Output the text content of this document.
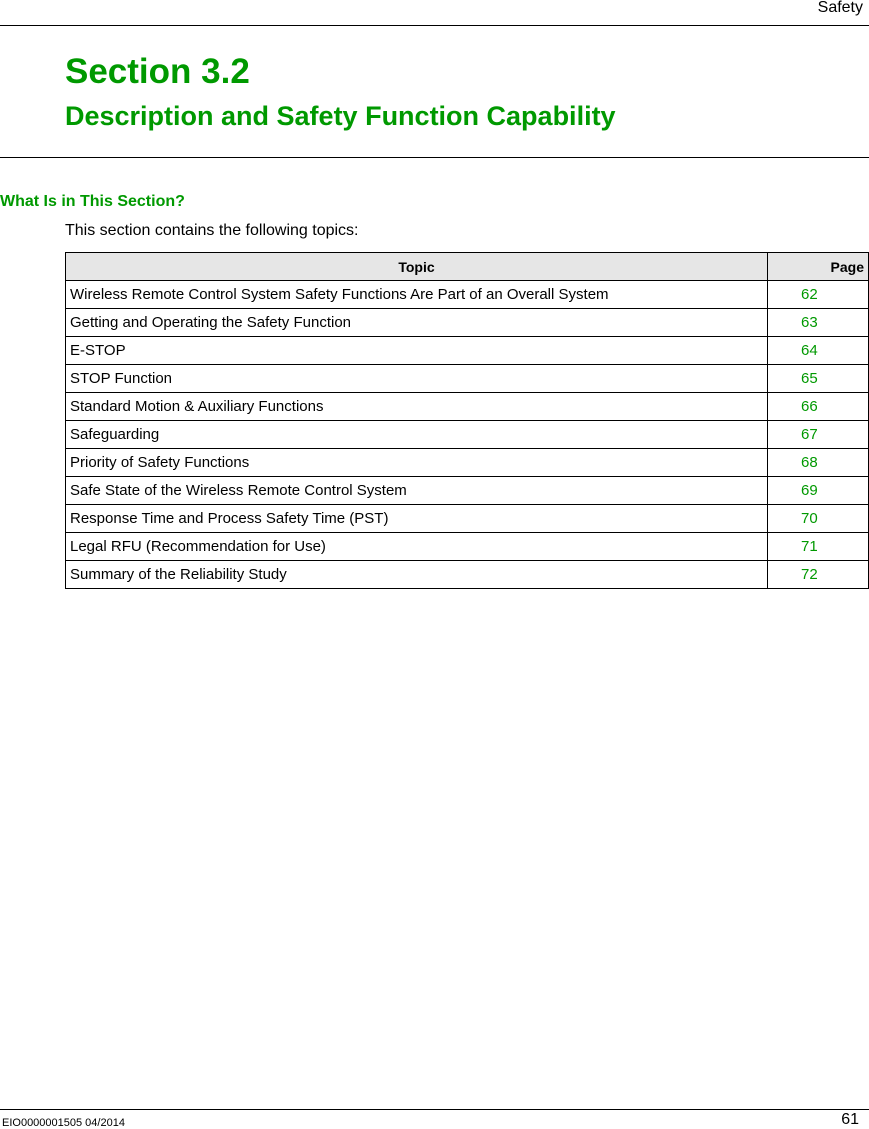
Safety
Section 3.2
Description and Safety Function Capability
What Is in This Section?
This section contains the following topics:
Topic	Page
Wireless Remote Control System Safety Functions Are Part of an Overall System	62
Getting and Operating the Safety Function	63
E-STOP	64
STOP Function	65
Standard Motion & Auxiliary Functions	66
Safeguarding	67
Priority of Safety Functions	68
Safe State of the Wireless Remote Control System	69
Response Time and Process Safety Time (PST)	70
Legal RFU (Recommendation for Use)	71
Summary of the Reliability Study	72
EIO0000001505 04/2014	61
